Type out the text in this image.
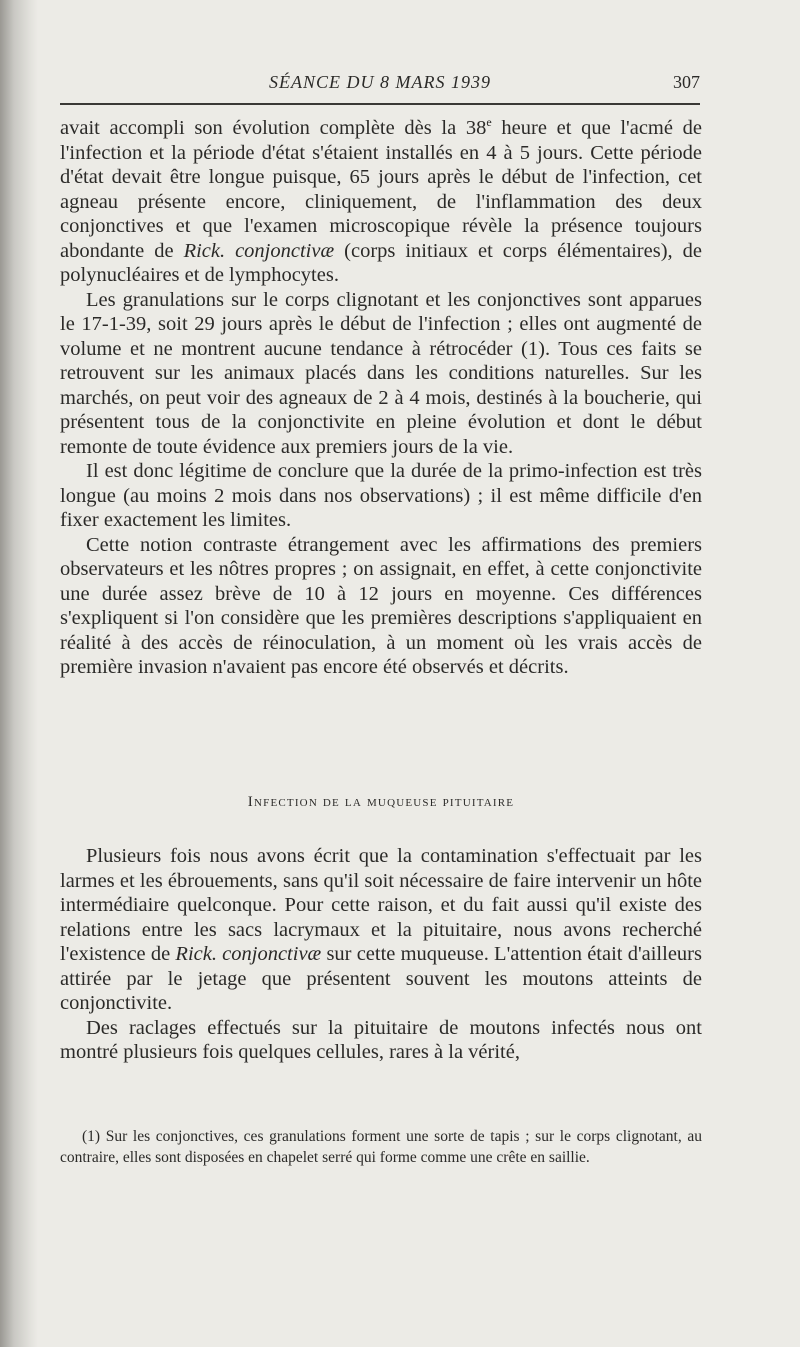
SÉANCE DU 8 MARS 1939	307

avait accompli son évolution complète dès la 38e heure et que l'acmé de l'infection et la période d'état s'étaient installés en 4 à 5 jours. Cette période d'état devait être longue puisque, 65 jours après le début de l'infection, cet agneau présente encore, cliniquement, de l'inflammation des deux conjonctives et que l'examen microscopique révèle la présence toujours abondante de Rick. conjonctivæ (corps initiaux et corps élémentaires), de polynucléaires et de lymphocytes.

Les granulations sur le corps clignotant et les conjonctives sont apparues le 17-1-39, soit 29 jours après le début de l'infection ; elles ont augmenté de volume et ne montrent aucune tendance à rétrocéder (1). Tous ces faits se retrouvent sur les animaux placés dans les conditions naturelles. Sur les marchés, on peut voir des agneaux de 2 à 4 mois, destinés à la boucherie, qui présentent tous de la conjonctivite en pleine évolution et dont le début remonte de toute évidence aux premiers jours de la vie.

Il est donc légitime de conclure que la durée de la primo-infection est très longue (au moins 2 mois dans nos observations) ; il est même difficile d'en fixer exactement les limites.

Cette notion contraste étrangement avec les affirmations des premiers observateurs et les nôtres propres ; on assignait, en effet, à cette conjonctivite une durée assez brève de 10 à 12 jours en moyenne. Ces différences s'expliquent si l'on considère que les premières descriptions s'appliquaient en réalité à des accès de réinoculation, à un moment où les vrais accès de première invasion n'avaient pas encore été observés et décrits.

Infection de la muqueuse pituitaire

Plusieurs fois nous avons écrit que la contamination s'effectuait par les larmes et les ébrouements, sans qu'il soit nécessaire de faire intervenir un hôte intermédiaire quelconque. Pour cette raison, et du fait aussi qu'il existe des relations entre les sacs lacrymaux et la pituitaire, nous avons recherché l'existence de Rick. conjonctivæ sur cette muqueuse. L'attention était d'ailleurs attirée par le jetage que présentent souvent les moutons atteints de conjonctivite.

Des raclages effectués sur la pituitaire de moutons infectés nous ont montré plusieurs fois quelques cellules, rares à la vérité,

(1) Sur les conjonctives, ces granulations forment une sorte de tapis ; sur le corps clignotant, au contraire, elles sont disposées en chapelet serré qui forme comme une crête en saillie.
